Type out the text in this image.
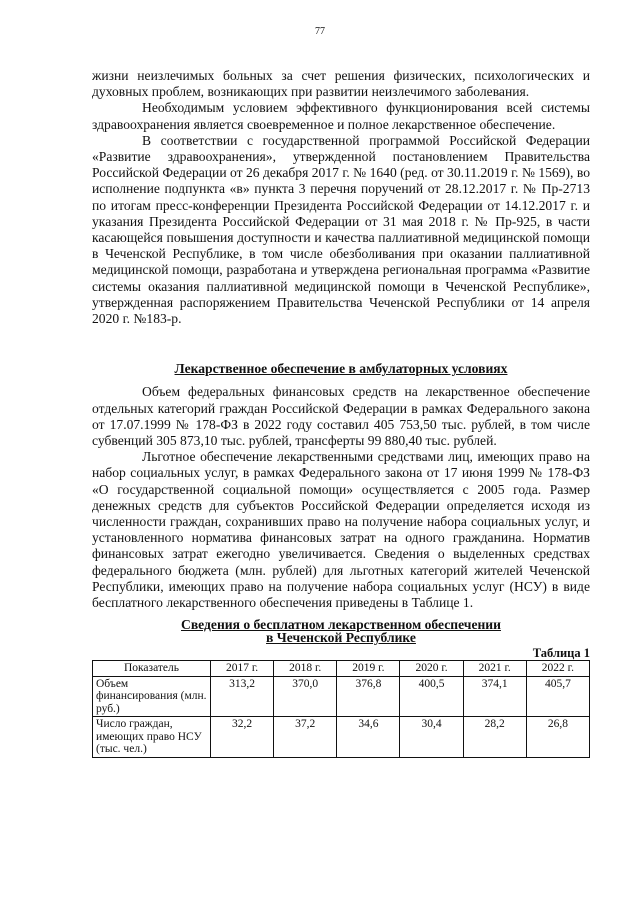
77

жизни неизлечимых больных за счет решения физических, психологических и духовных проблем, возникающих при развитии неизлечимого заболевания.

Необходимым условием эффективного функционирования всей системы здравоохранения является своевременное и полное лекарственное обеспечение.

В соответствии с государственной программой Российской Федерации «Развитие здравоохранения», утвержденной постановлением Правительства Российской Федерации от 26 декабря 2017 г. № 1640 (ред. от 30.11.2019 г. № 1569), во исполнение подпункта «в» пункта 3 перечня поручений от 28.12.2017 г. № Пр-2713 по итогам пресс-конференции Президента Российской Федерации от 14.12.2017 г. и указания Президента Российской Федерации от 31 мая 2018 г. № Пр-925, в части касающейся повышения доступности и качества паллиативной медицинской помощи в Чеченской Республике, в том числе обезболивания при оказании паллиативной медицинской помощи, разработана и утверждена региональная программа «Развитие системы оказания паллиативной медицинской помощи в Чеченской Республике», утвержденная распоряжением Правительства Чеченской Республики от 14 апреля 2020 г. №183-р.

Лекарственное обеспечение в амбулаторных условиях

Объем федеральных финансовых средств на лекарственное обеспечение отдельных категорий граждан Российской Федерации в рамках Федерального закона от 17.07.1999 № 178-ФЗ в 2022 году составил 405 753,50 тыс. рублей, в том числе субвенций 305 873,10 тыс. рублей, трансферты 99 880,40 тыс. рублей.

Льготное обеспечение лекарственными средствами лиц, имеющих право на набор социальных услуг, в рамках Федерального закона от 17 июня 1999 № 178-ФЗ «О государственной социальной помощи» осуществляется с 2005 года. Размер денежных средств для субъектов Российской Федерации определяется исходя из численности граждан, сохранивших право на получение набора социальных услуг, и установленного норматива финансовых затрат на одного гражданина. Норматив финансовых затрат ежегодно увеличивается. Сведения о выделенных средствах федерального бюджета (млн. рублей) для льготных категорий жителей Чеченской Республики, имеющих право на получение набора социальных услуг (НСУ) в виде бесплатного лекарственного обеспечения приведены в Таблице 1.

Сведения о бесплатном лекарственном обеспечении
в Чеченской Республике
Таблица 1
Показатель	2017 г.	2018 г.	2019 г.	2020 г.	2021 г.	2022 г.
Объем финансирования (млн. руб.)	313,2	370,0	376,8	400,5	374,1	405,7
Число граждан, имеющих право НСУ (тыс. чел.)	32,2	37,2	34,6	30,4	28,2	26,8
